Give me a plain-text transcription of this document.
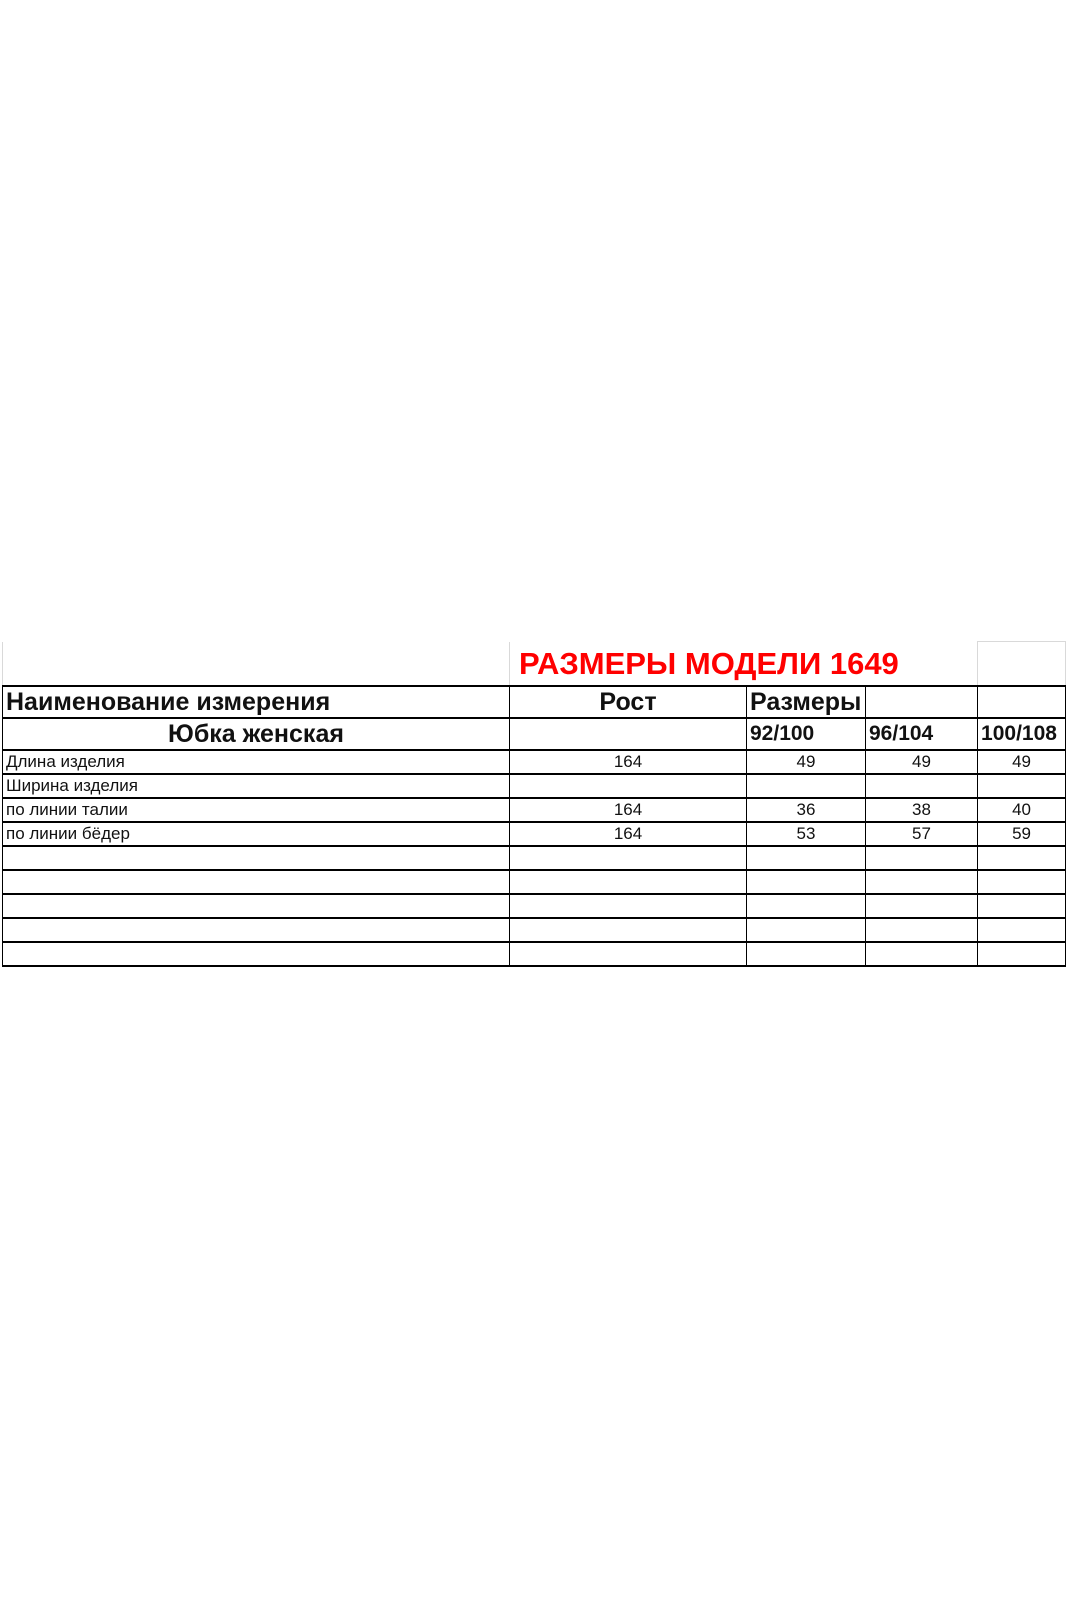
	РАЗМЕРЫ МОДЕЛИ 1649			

Наименование измерения	Рост	Размеры		
Юбка женская		92/100	96/104	100/108
Длина изделия	164	49	49	49
Ширина изделия				
по линии талии	164	36	38	40
по линии бёдер	164	53	57	59
